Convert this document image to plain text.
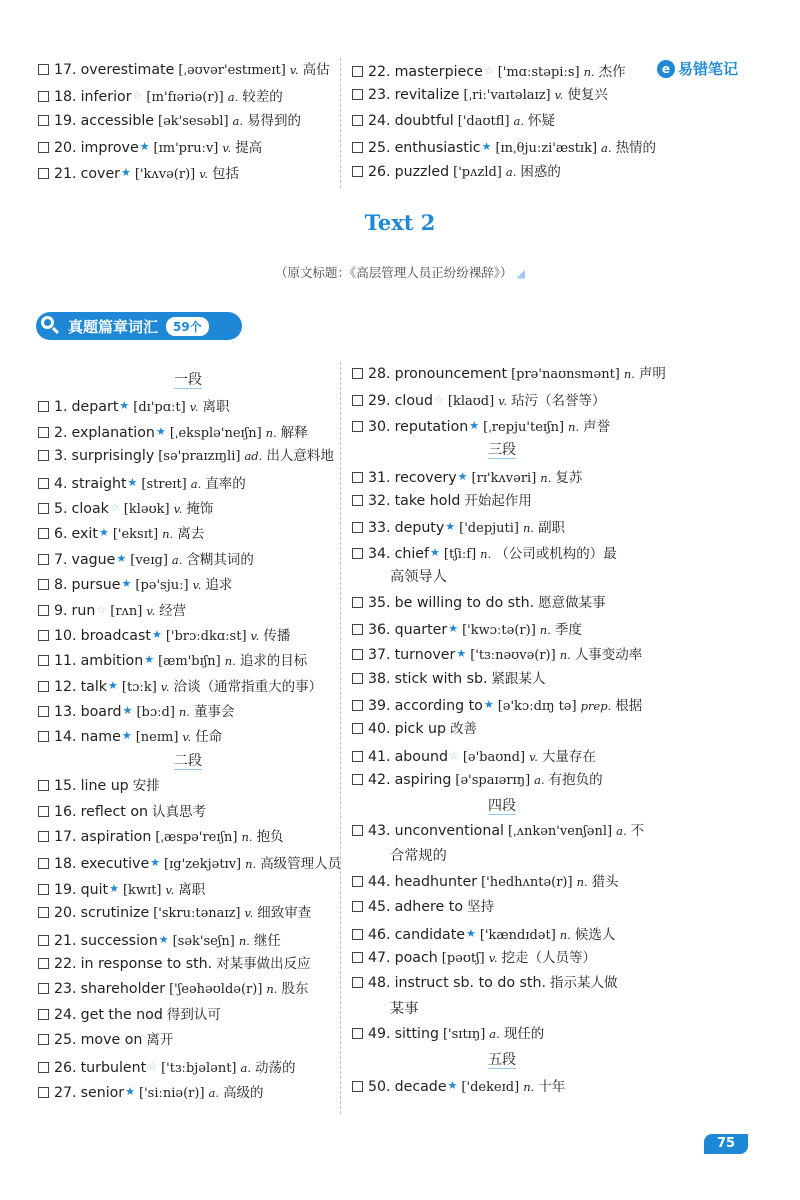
e 易错笔记
17. overestimate [ˌəʊvər'estɪmeɪt] v. 高估
18. inferior☆ [ɪn'fɪəriə(r)] a. 较差的
19. accessible [ək'sesəbl] a. 易得到的
20. improve★ [ɪm'pruːv] v. 提高
21. cover★ ['kʌvə(r)] v. 包括
22. masterpiece☆ ['mɑːstəpiːs] n. 杰作
23. revitalize [ˌriː'vaɪtəlaɪz] v. 使复兴
24. doubtful ['daʊtfl] a. 怀疑
25. enthusiastic★ [ɪnˌθjuːzi'æstɪk] a. 热情的
26. puzzled ['pʌzld] a. 困惑的
Text 2
（原文标题：《高层管理人员正纷纷裸辞》） ◢
真题篇章词汇	59个
一段
1. depart★ [dɪ'pɑːt] v. 离职
2. explanation★ [ˌeksplə'neɪʃn] n. 解释
3. surprisingly [sə'praɪzɪŋli] ad. 出人意料地
4. straight★ [streɪt] a. 直率的
5. cloak☆ [kləʊk] v. 掩饰
6. exit★ ['eksɪt] n. 离去
7. vague★ [veɪg] a. 含糊其词的
8. pursue★ [pə'sjuː] v. 追求
9. run☆ [rʌn] v. 经营
10. broadcast★ ['brɔːdkɑːst] v. 传播
11. ambition★ [æm'bɪʃn] n. 追求的目标
12. talk★ [tɔːk] v. 洽谈（通常指重大的事）
13. board★ [bɔːd] n. 董事会
14. name★ [neɪm] v. 任命
二段
15. line up 安排
16. reflect on 认真思考
17. aspiration [ˌæspə'reɪʃn] n. 抱负
18. executive★ [ɪg'zekjətɪv] n. 高级管理人员
19. quit★ [kwɪt] v. 离职
20. scrutinize ['skruːtənaɪz] v. 细致审查
21. succession★ [sək'seʃn] n. 继任
22. in response to sth. 对某事做出反应
23. shareholder ['ʃeəhəʊldə(r)] n. 股东
24. get the nod 得到认可
25. move on 离开
26. turbulent☆ ['tɜːbjələnt] a. 动荡的
27. senior★ ['siːniə(r)] a. 高级的
28. pronouncement [prə'naʊnsmənt] n. 声明
29. cloud☆ [klaʊd] v. 玷污（名誉等）
30. reputation★ [ˌrepju'teɪʃn] n. 声誉
三段
31. recovery★ [rɪ'kʌvəri] n. 复苏
32. take hold 开始起作用
33. deputy★ ['depjuti] n. 副职
34. chief★ [tʃiːf] n. （公司或机构的）最
高领导人
35. be willing to do sth. 愿意做某事
36. quarter★ ['kwɔːtə(r)] n. 季度
37. turnover★ ['tɜːnəʊvə(r)] n. 人事变动率
38. stick with sb. 紧跟某人
39. according to★ [ə'kɔːdɪŋ tə] prep. 根据
40. pick up 改善
41. abound☆ [ə'baʊnd] v. 大量存在
42. aspiring [ə'spaɪərɪŋ] a. 有抱负的
四段
43. unconventional [ˌʌnkən'venʃənl] a. 不
合常规的
44. headhunter ['hedhʌntə(r)] n. 猎头
45. adhere to 坚持
46. candidate★ ['kændɪdət] n. 候选人
47. poach [pəʊtʃ] v. 挖走（人员等）
48. instruct sb. to do sth. 指示某人做
某事
49. sitting ['sɪtɪŋ] a. 现任的
五段
50. decade★ ['dekeɪd] n. 十年
75
